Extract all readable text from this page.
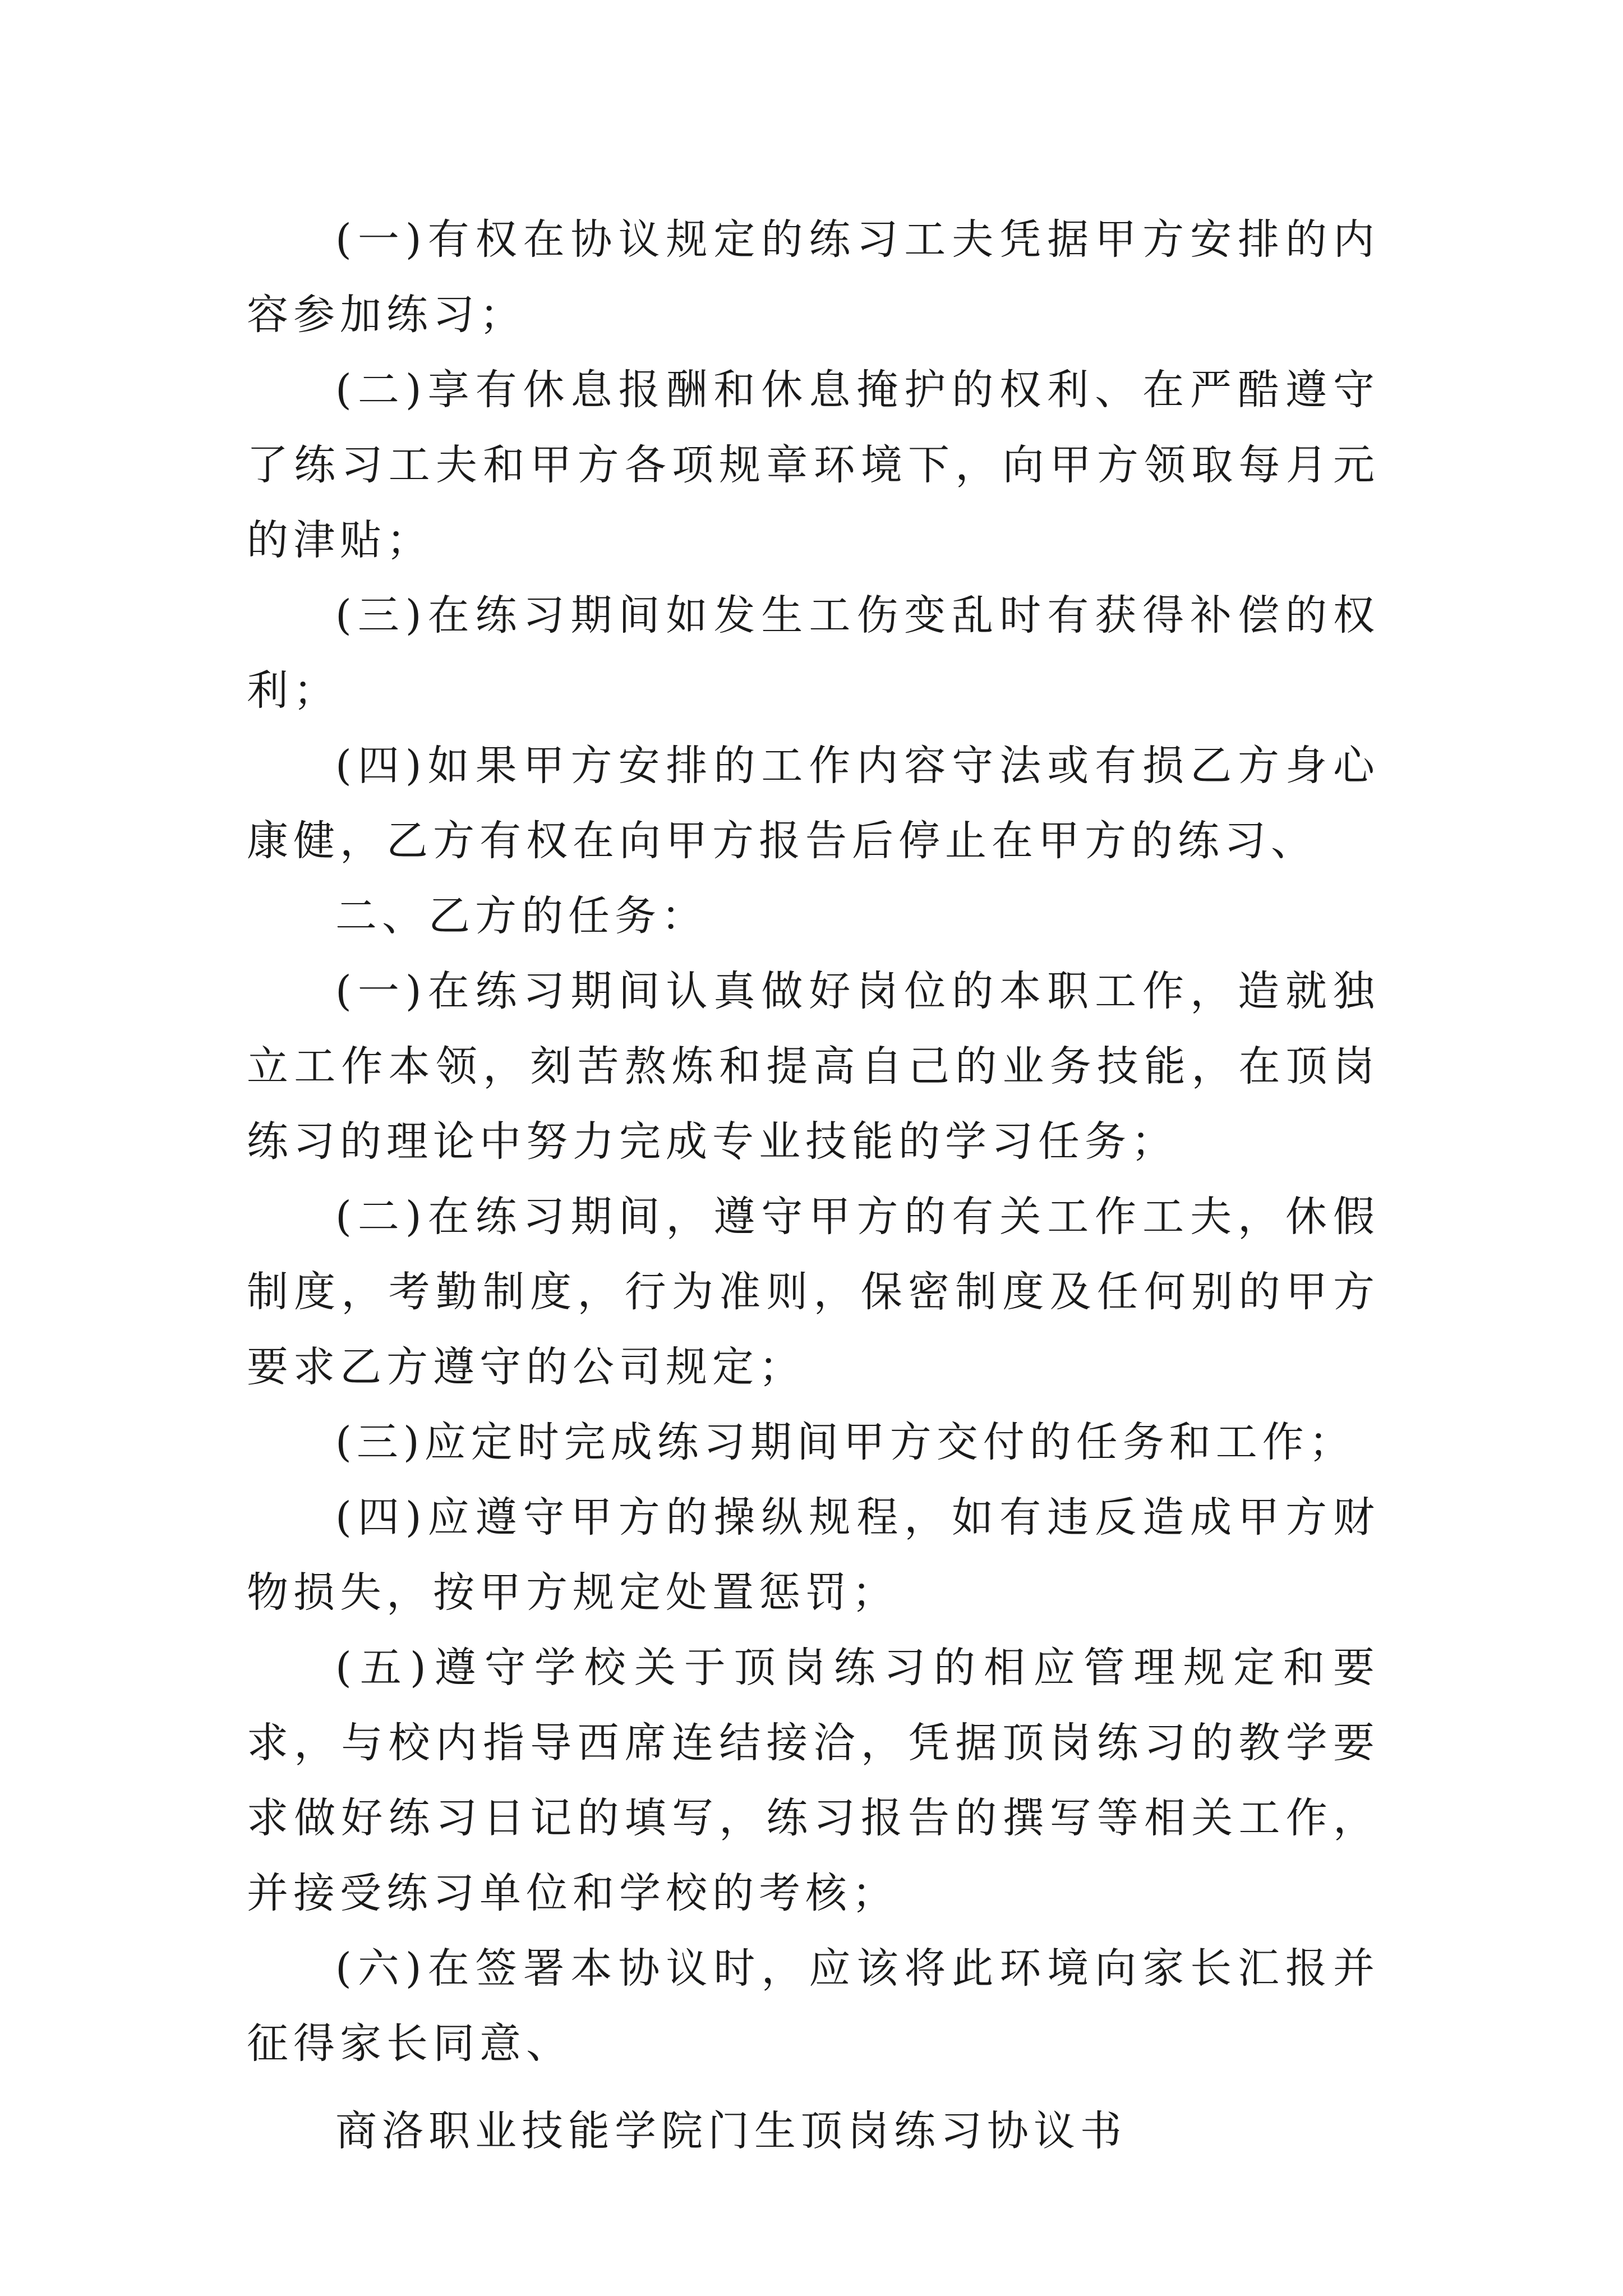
(一)有权在协议规定的练习工夫凭据甲方安排的内容参加练习；

(二)享有休息报酬和休息掩护的权利、在严酷遵守了练习工夫和甲方各项规章环境下，向甲方领取每月元的津贴；

(三)在练习期间如发生工伤变乱时有获得补偿的权利；

(四)如果甲方安排的工作内容守法或有损乙方身心康健，乙方有权在向甲方报告后停止在甲方的练习、

二、乙方的任务：

(一)在练习期间认真做好岗位的本职工作，造就独立工作本领，刻苦熬炼和提高自己的业务技能，在顶岗练习的理论中努力完成专业技能的学习任务；

(二)在练习期间，遵守甲方的有关工作工夫，休假制度，考勤制度，行为准则，保密制度及任何别的甲方要求乙方遵守的公司规定；

(三)应定时完成练习期间甲方交付的任务和工作；

(四)应遵守甲方的操纵规程，如有违反造成甲方财物损失，按甲方规定处置惩罚；

(五)遵守学校关于顶岗练习的相应管理规定和要求，与校内指导西席连结接洽，凭据顶岗练习的教学要求做好练习日记的填写，练习报告的撰写等相关工作，并接受练习单位和学校的考核；

(六)在签署本协议时，应该将此环境向家长汇报并征得家长同意、

商洛职业技能学院门生顶岗练习协议书
